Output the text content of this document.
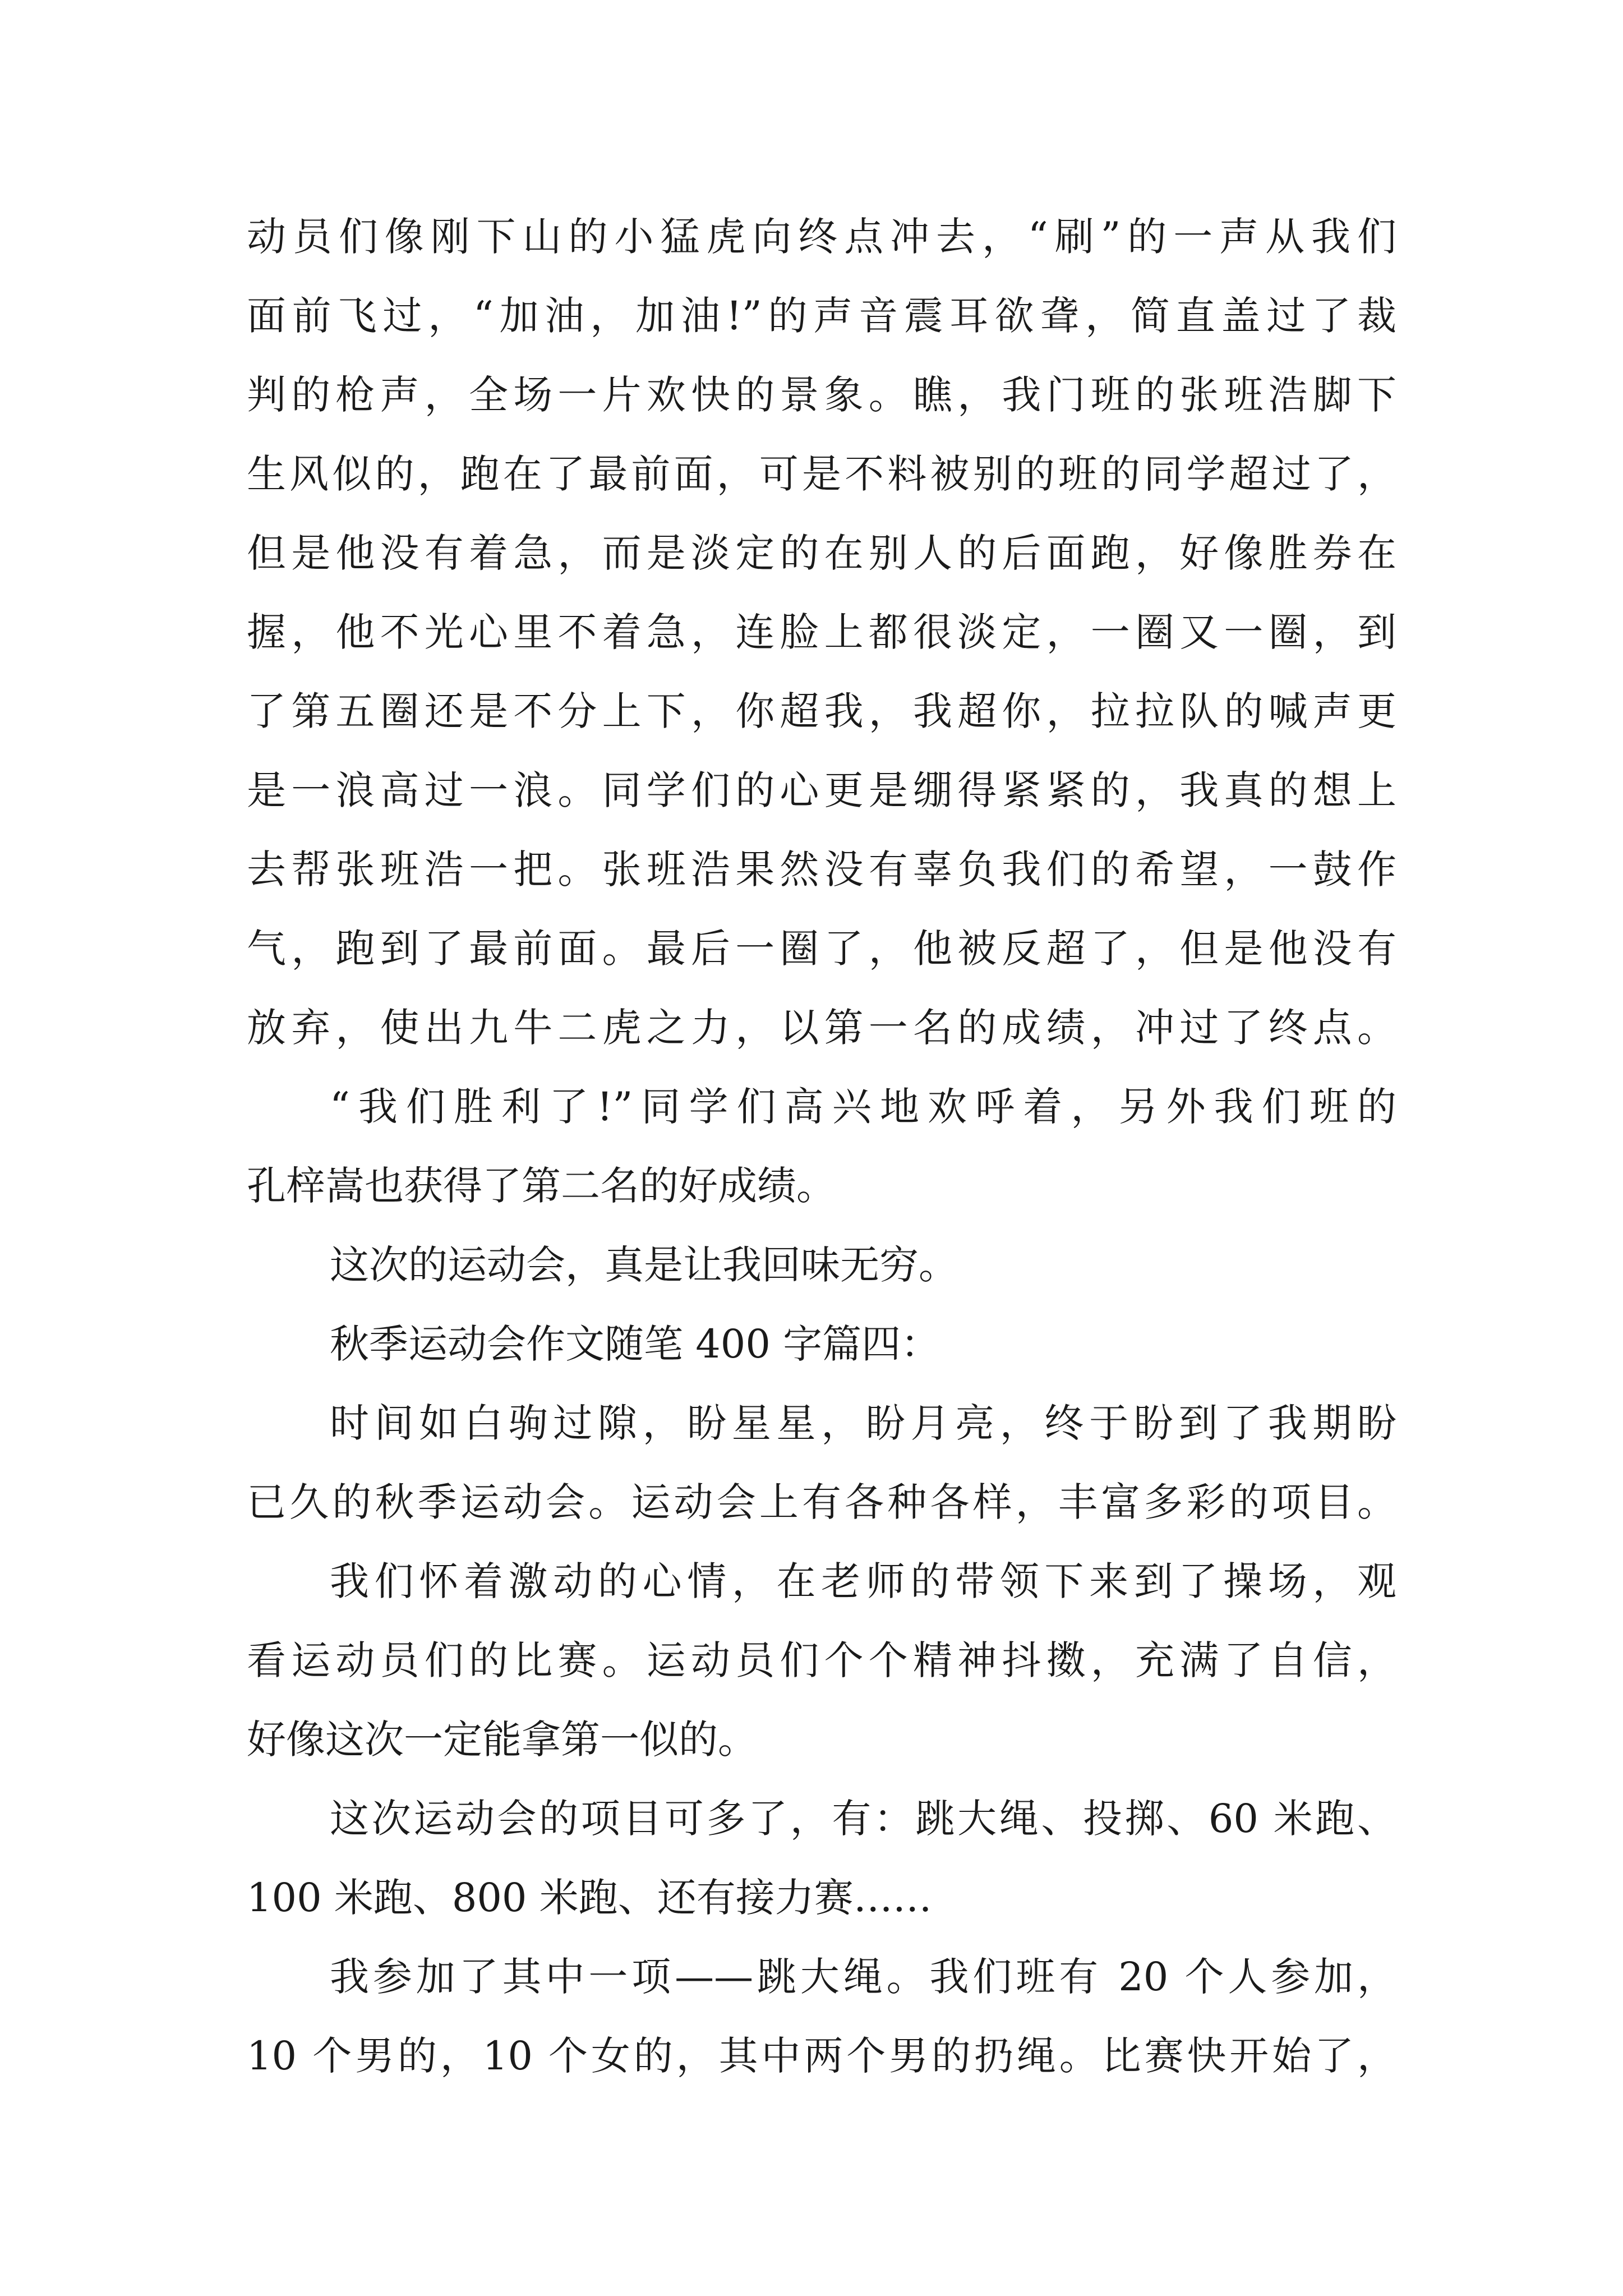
动员们像刚下山的小猛虎向终点冲去，“刷”的一声从我们
面前飞过，“加油，加油!”的声音震耳欲聋，简直盖过了裁
判的枪声，全场一片欢快的景象。瞧，我门班的张班浩脚下
生风似的，跑在了最前面，可是不料被别的班的同学超过了，
但是他没有着急，而是淡定的在别人的后面跑，好像胜券在
握，他不光心里不着急，连脸上都很淡定，一圈又一圈，到
了第五圈还是不分上下，你超我，我超你，拉拉队的喊声更
是一浪高过一浪。同学们的心更是绷得紧紧的，我真的想上
去帮张班浩一把。张班浩果然没有辜负我们的希望，一鼓作
气，跑到了最前面。最后一圈了，他被反超了，但是他没有
放弃，使出九牛二虎之力，以第一名的成绩，冲过了终点。
“我们胜利了!”同学们高兴地欢呼着，另外我们班的
孔梓嵩也获得了第二名的好成绩。
这次的运动会，真是让我回味无穷。
秋季运动会作文随笔 400 字篇四：
时间如白驹过隙，盼星星，盼月亮，终于盼到了我期盼
已久的秋季运动会。运动会上有各种各样，丰富多彩的项目。
我们怀着激动的心情，在老师的带领下来到了操场，观
看运动员们的比赛。运动员们个个精神抖擞，充满了自信，
好像这次一定能拿第一似的。
这次运动会的项目可多了，有：跳大绳、投掷、60 米跑、
100 米跑、800 米跑、还有接力赛……
我参加了其中一项——跳大绳。我们班有 20 个人参加，
10 个男的，10 个女的，其中两个男的扔绳。比赛快开始了，
